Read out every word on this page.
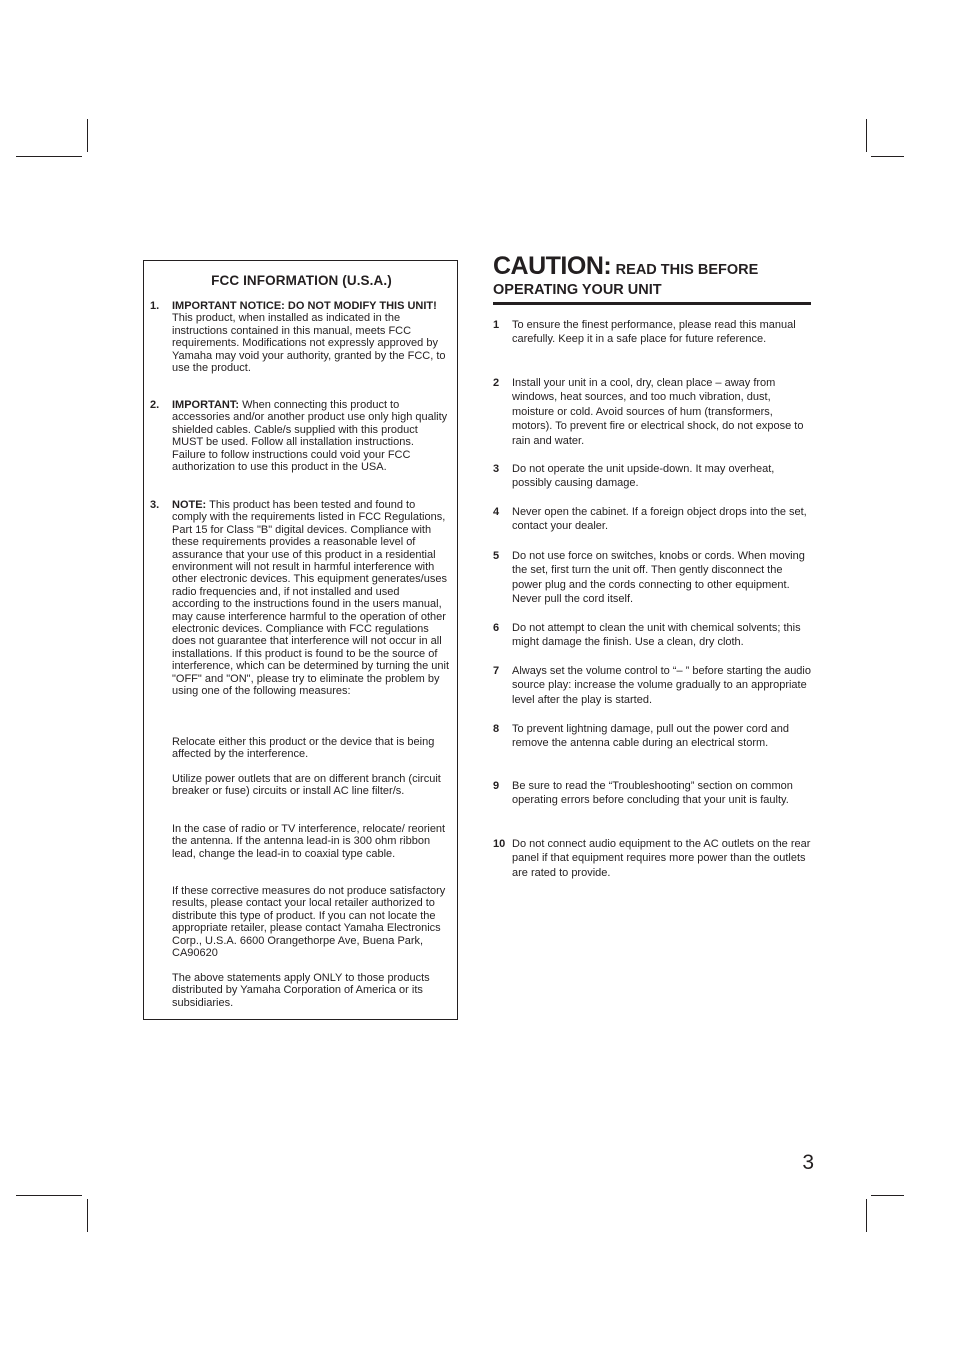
FCC INFORMATION (U.S.A.)
1. IMPORTANT NOTICE: DO NOT MODIFY THIS UNIT!
This product, when installed as indicated in the instructions contained in this manual, meets FCC requirements. Modifications not expressly approved by Yamaha may void your authority, granted by the FCC, to use the product.
2. IMPORTANT: When connecting this product to accessories and/or another product use only high quality shielded cables. Cable/s supplied with this product MUST be used. Follow all installation instructions. Failure to follow instructions could void your FCC authorization to use this product in the USA.
3. NOTE: This product has been tested and found to comply with the requirements listed in FCC Regulations, Part 15 for Class "B" digital devices. Compliance with these requirements provides a reasonable level of assurance that your use of this product in a residential environment will not result in harmful interference with other electronic devices. This equipment generates/uses radio frequencies and, if not installed and used according to the instructions found in the users manual, may cause interference harmful to the operation of other electronic devices. Compliance with FCC regulations does not guarantee that interference will not occur in all installations. If this product is found to be the source of interference, which can be determined by turning the unit "OFF" and "ON", please try to eliminate the problem by using one of the following measures:
Relocate either this product or the device that is being affected by the interference.
Utilize power outlets that are on different branch (circuit breaker or fuse) circuits or install AC line filter/s.
In the case of radio or TV interference, relocate/ reorient the antenna. If the antenna lead-in is 300 ohm ribbon lead, change the lead-in to coaxial type cable.
If these corrective measures do not produce satisfactory results, please contact your local retailer authorized to distribute this type of product. If you can not locate the appropriate retailer, please contact Yamaha Electronics Corp., U.S.A. 6600 Orangethorpe Ave, Buena Park, CA90620
The above statements apply ONLY to those products distributed by Yamaha Corporation of America or its subsidiaries.
CAUTION: READ THIS BEFORE OPERATING YOUR UNIT
1 To ensure the finest performance, please read this manual carefully. Keep it in a safe place for future reference.
2 Install your unit in a cool, dry, clean place – away from windows, heat sources, and too much vibration, dust, moisture or cold. Avoid sources of hum (transformers, motors). To prevent fire or electrical shock, do not expose to rain and water.
3 Do not operate the unit upside-down. It may overheat, possibly causing damage.
4 Never open the cabinet. If a foreign object drops into the set, contact your dealer.
5 Do not use force on switches, knobs or cords. When moving the set, first turn the unit off. Then gently disconnect the power plug and the cords connecting to other equipment. Never pull the cord itself.
6 Do not attempt to clean the unit with chemical solvents; this might damage the finish. Use a clean, dry cloth.
7 Always set the volume control to “– ” before starting the audio source play: increase the volume gradually to an appropriate level after the play is started.
8 To prevent lightning damage, pull out the power cord and remove the antenna cable during an electrical storm.
9 Be sure to read the “Troubleshooting” section on common operating errors before concluding that your unit is faulty.
10 Do not connect audio equipment to the AC outlets on the rear panel if that equipment requires more power than the outlets are rated to provide.
3
